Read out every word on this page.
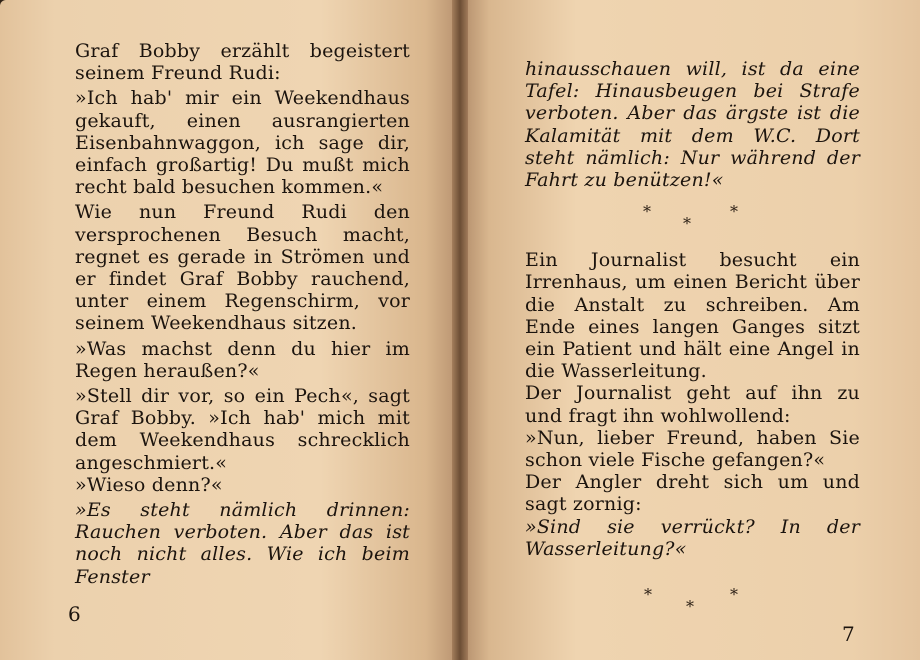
Graf Bobby erzählt begeistert seinem Freund Rudi:

»Ich hab' mir ein Weekendhaus gekauft, einen ausrangierten Eisenbahnwaggon, ich sage dir, einfach großartig! Du mußt mich recht bald besuchen kommen.«

Wie nun Freund Rudi den versprochenen Besuch macht, regnet es gerade in Strömen und er findet Graf Bobby rauchend, unter einem Regenschirm, vor seinem Weekendhaus sitzen.

»Was machst denn du hier im Regen heraußen?«

»Stell dir vor, so ein Pech«, sagt Graf Bobby. »Ich hab' mich mit dem Weekendhaus schrecklich angeschmiert.«

»Wieso denn?«

»Es steht nämlich drinnen: Rauchen verboten. Aber das ist noch nicht alles. Wie ich beim Fenster

6

hinausschauen will, ist da eine Tafel: Hinausbeugen bei Strafe verboten. Aber das ärgste ist die Kalamität mit dem W.C. Dort steht nämlich: Nur während der Fahrt zu benützen!«

*
*
*

Ein Journalist besucht ein Irrenhaus, um einen Bericht über die Anstalt zu schreiben. Am Ende eines langen Ganges sitzt ein Patient und hält eine Angel in die Wasserleitung.

Der Journalist geht auf ihn zu und fragt ihn wohlwollend:

»Nun, lieber Freund, haben Sie schon viele Fische gefangen?«

Der Angler dreht sich um und sagt zornig:

»Sind sie verrückt? In der Wasserleitung?«

*
*
*
7
